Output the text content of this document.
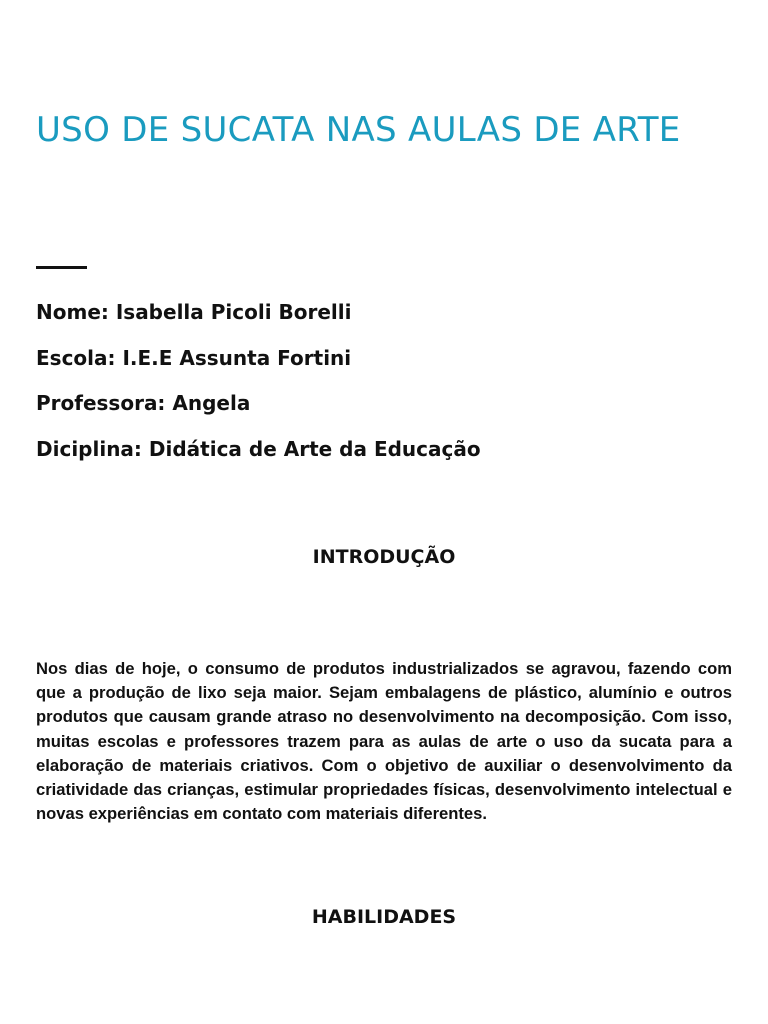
USO DE SUCATA NAS AULAS DE ARTE
Nome: Isabella Picoli Borelli
Escola: I.E.E Assunta Fortini
Professora: Angela
Diciplina: Didática de Arte da Educação
INTRODUÇÃO

Nos dias de hoje, o consumo de produtos industrializados se agravou, fazendo com que a produção de lixo seja maior. Sejam embalagens de plástico, alumínio e outros produtos que causam grande atraso no desenvolvimento na decomposição. Com isso, muitas escolas e professores trazem para as aulas de arte o uso da sucata para a elaboração de materiais criativos. Com o objetivo de auxiliar o desenvolvimento da criatividade das crianças, estimular propriedades físicas, desenvolvimento intelectual e novas experiências em contato com materiais diferentes.

HABILIDADES
